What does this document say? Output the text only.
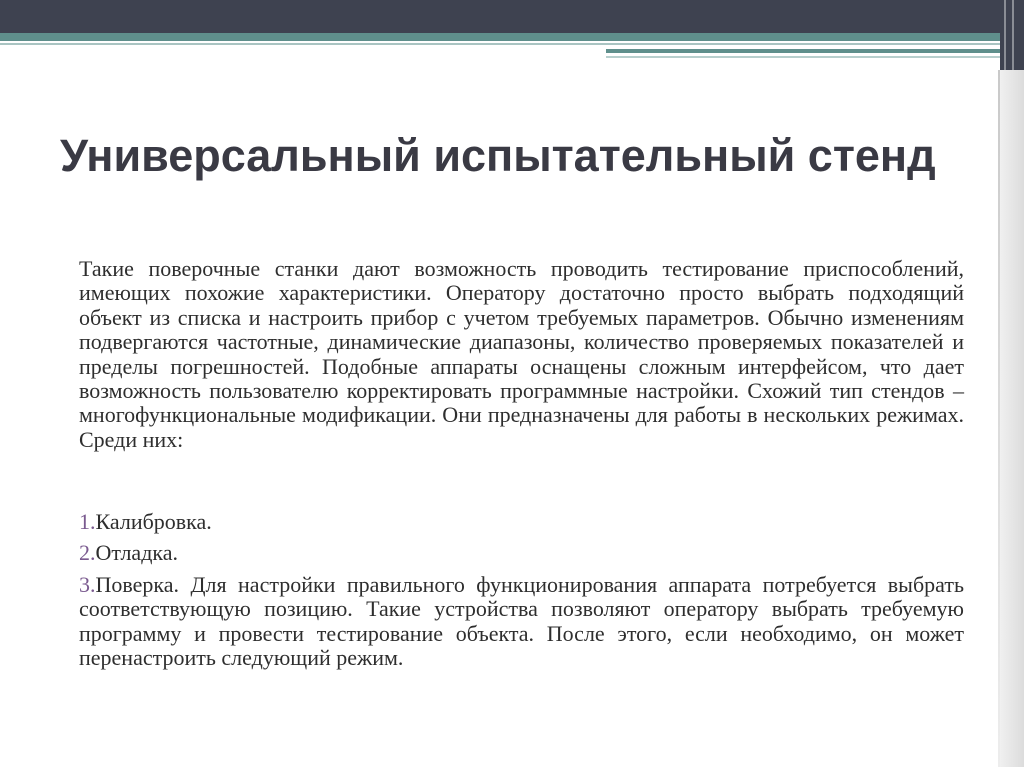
Универсальный испытательный стенд

Такие поверочные станки дают возможность проводить тестирование приспособлений, имеющих похожие характеристики. Оператору достаточно просто выбрать подходящий объект из списка и настроить прибор с учетом требуемых параметров. Обычно изменениям подвергаются частотные, динамические диапазоны, количество проверяемых показателей и пределы погрешностей. Подобные аппараты оснащены сложным интерфейсом, что дает возможность пользователю корректировать программные настройки. Схожий тип стендов – многофункциональные модификации. Они предназначены для работы в нескольких режимах. Среди них:

1.Калибровка.
2.Отладка.
3.Поверка. Для настройки правильного функционирования аппарата потребуется выбрать соответствующую позицию. Такие устройства позволяют оператору выбрать требуемую программу и провести тестирование объекта. После этого, если необходимо, он может перенастроить следующий режим.
